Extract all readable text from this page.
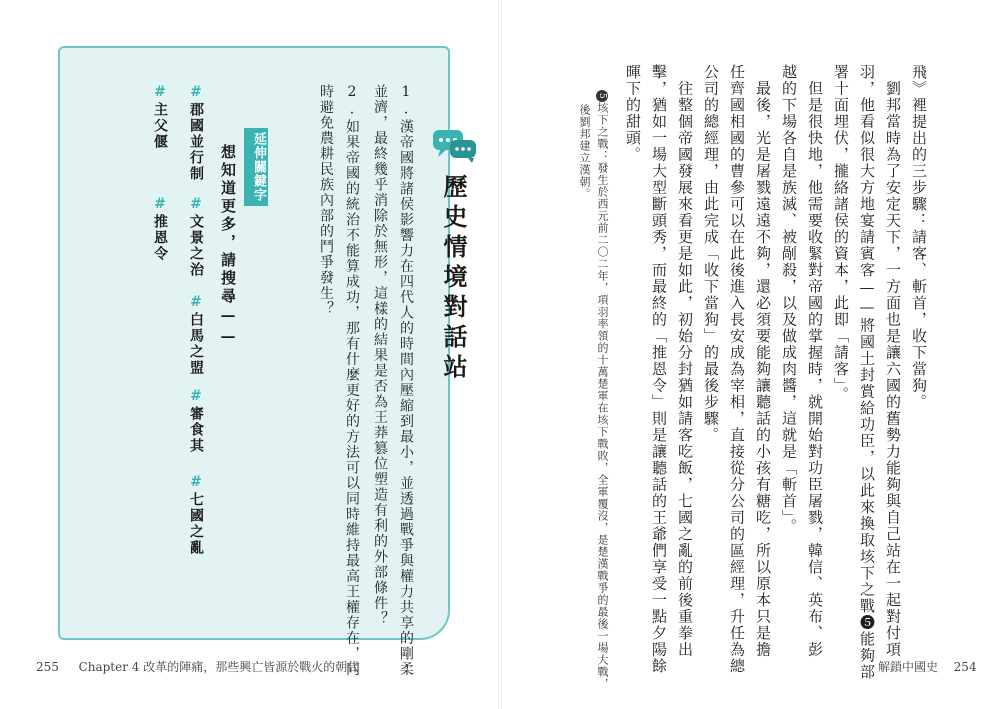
歷史情境對話站
1.漢帝國將諸侯影響力在四代人的時間內壓縮到最小，並透過戰爭與權力共享的剛柔
並濟，最終幾乎消除於無形，這樣的結果是否為王莽篡位塑造有利的外部條件？
2.如果帝國的統治不能算成功，那有什麼更好的方法可以同時維持最高王權存在，同
時避免農耕民族內部的鬥爭發生？
延伸關鍵字
想知道更多，請搜尋——
#郡國並行制
#文景之治
#白馬之盟
#審食其
#七國之亂
#主父偃
#推恩令
255 Chapter 4 改革的陣痛，那些興亡皆源於戰火的朝代
飛》裡提出的三步驟：請客、斬首，收下當狗。
　劉邦當時為了安定天下，一方面也是讓六國的舊勢力能夠與自己站在一起對付項
羽，他看似很大方地宴請賓客——將國土封賞給功臣，以此來換取垓下之戰❺能夠部
署十面埋伏，攏絡諸侯的資本，此即「請客」。
　但是很快地，他需要收緊對帝國的掌握時，就開始對功臣屠戮，韓信、英布、彭
越的下場各自是族滅、被剮殺，以及做成肉醬，這就是「斬首」。
　最後，光是屠戮遠遠不夠，還必須要能夠讓聽話的小孩有糖吃，所以原本只是擔
任齊國相國的曹參可以在此後進入長安成為宰相，直接從分公司的區經理，升任為總
公司的總經理，由此完成「收下當狗」的最後步驟。
　往整個帝國發展來看更是如此，初始分封猶如請客吃飯，七國之亂的前後重拳出
擊，猶如一場大型斷頭秀，而最終的「推恩令」則是讓聽話的王爺們享受一點夕陽餘
暉下的甜頭。
5垓下之戰：發生於西元前二〇二年，項羽率領的十萬楚軍在垓下戰敗，全軍覆沒，是楚漢戰爭的最後一場大戰，
後劉邦建立漢朝。
解鎖中國史 254
